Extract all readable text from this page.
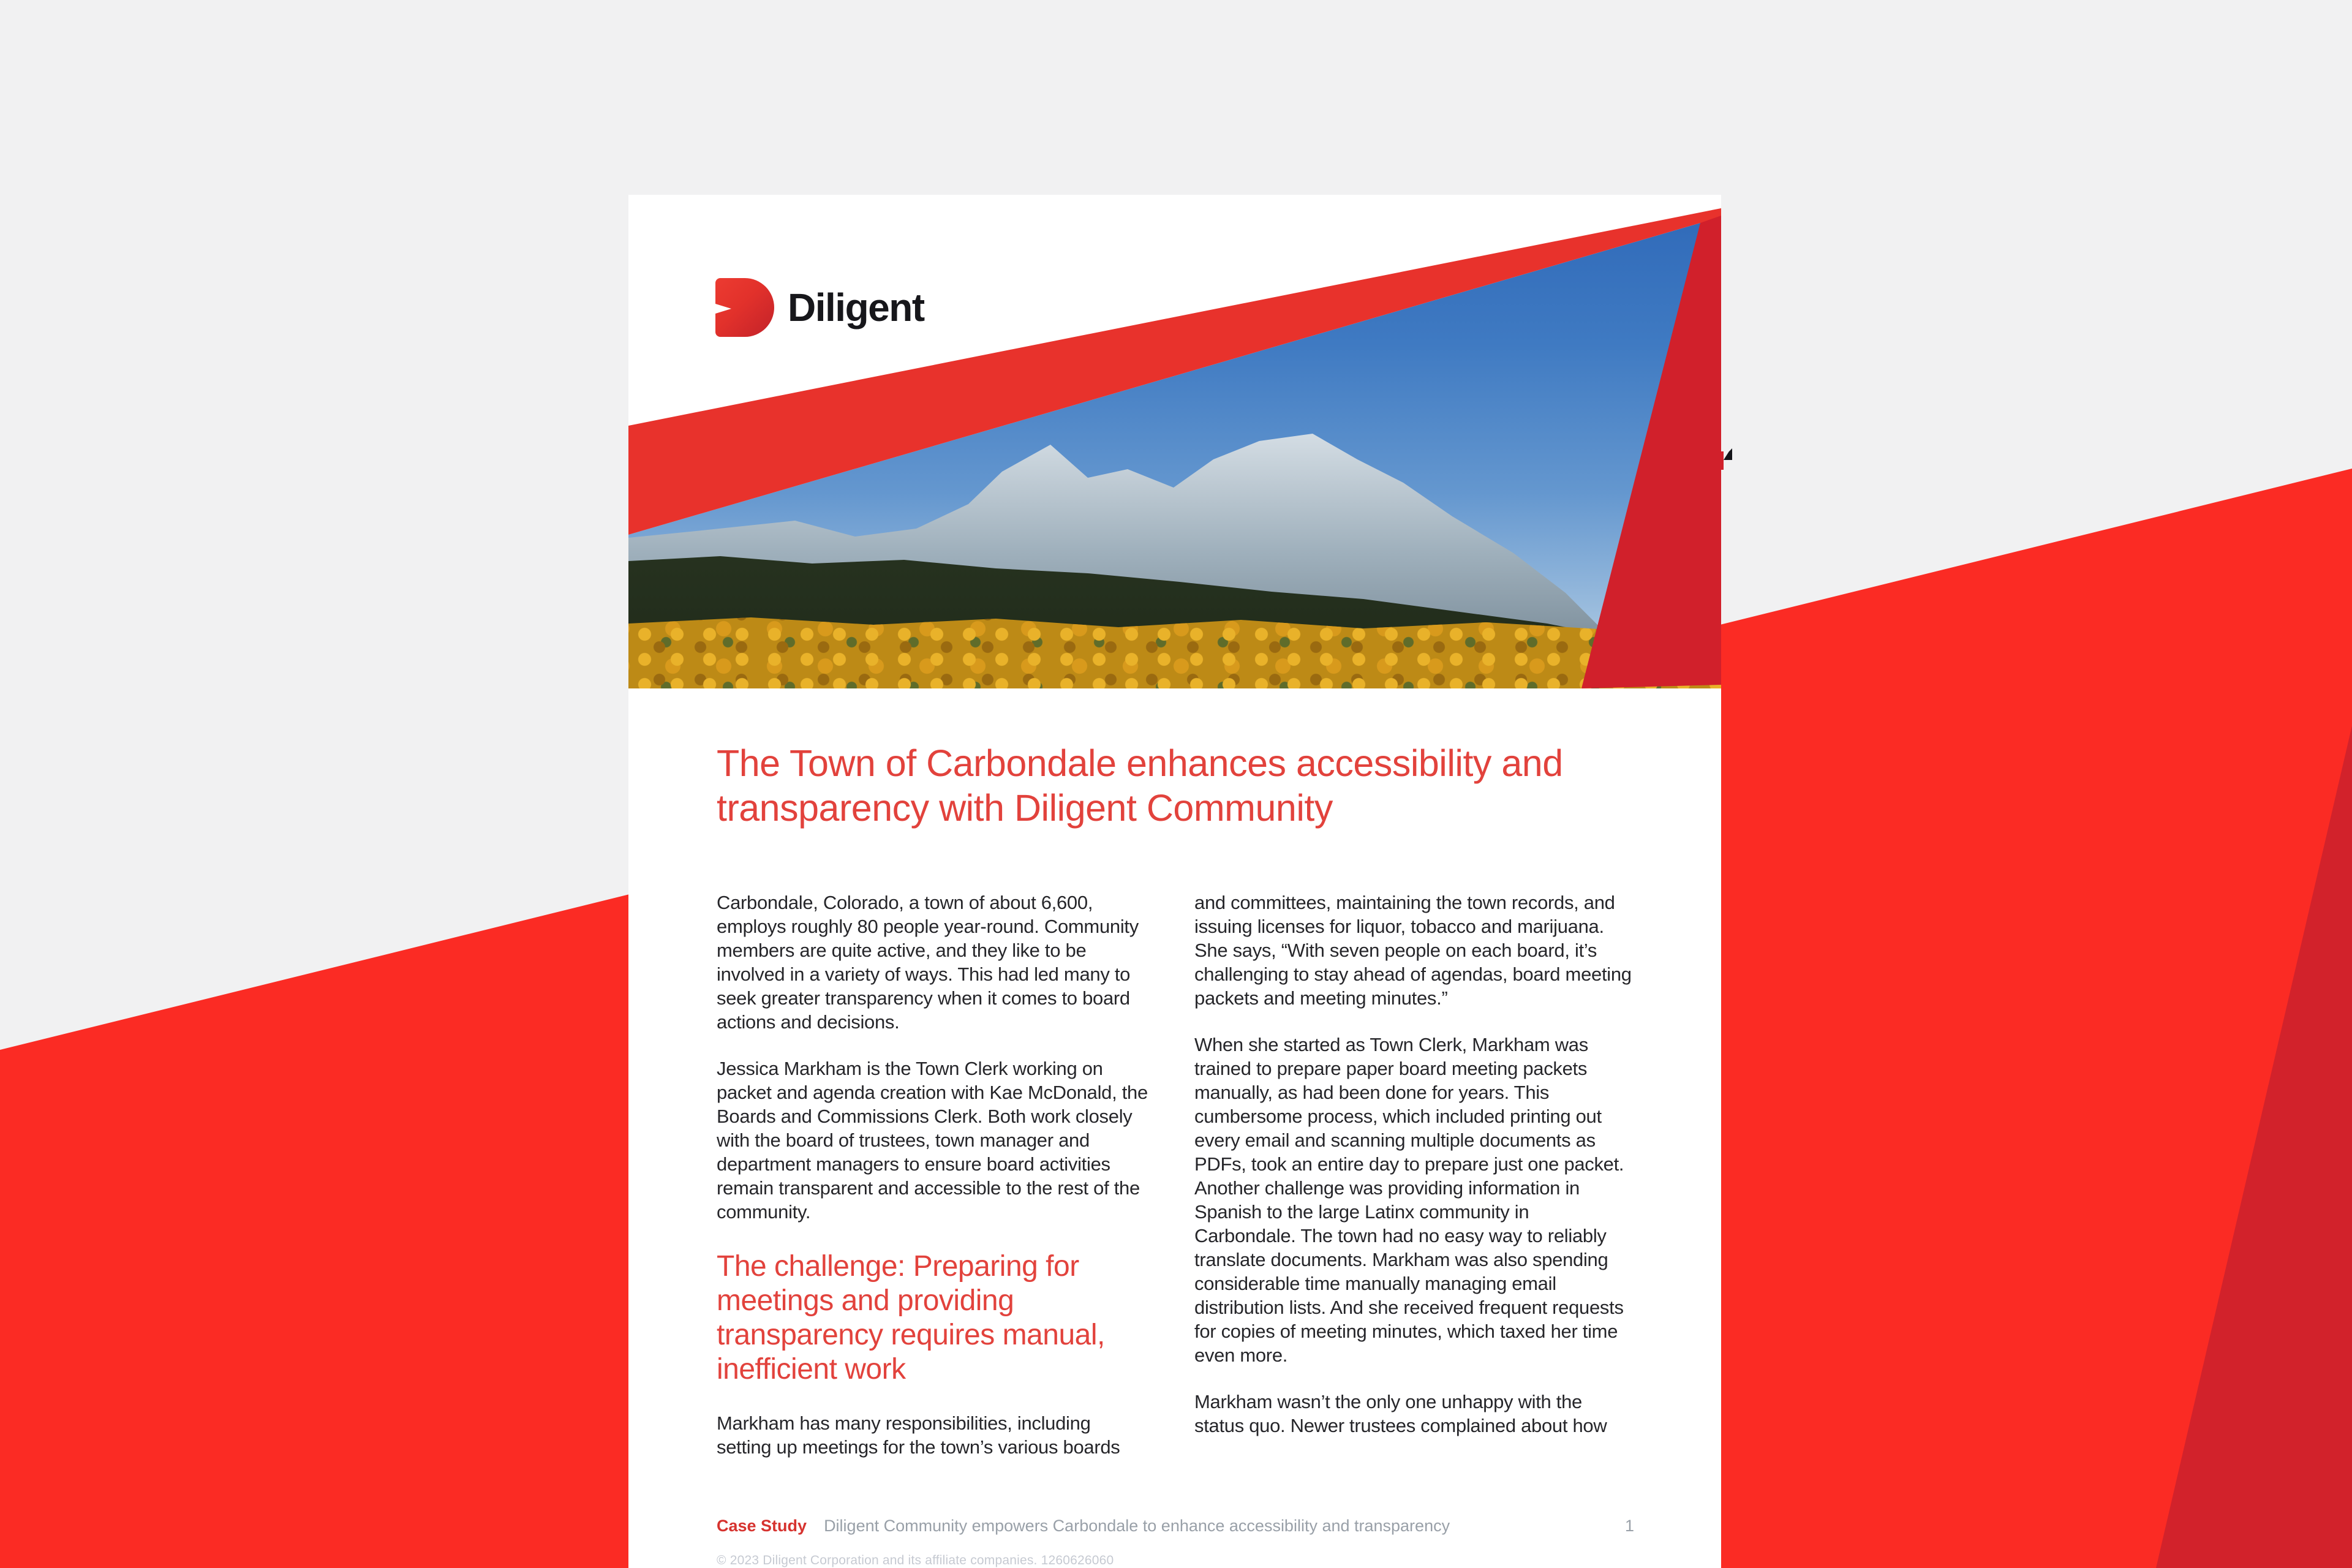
Diligent
The Town of Carbondale enhances accessibility and transparency with Diligent Community

Carbondale, Colorado, a town of about 6,600, employs roughly 80 people year-round. Community members are quite active, and they like to be involved in a variety of ways. This had led many to seek greater transparency when it comes to board actions and decisions.

Jessica Markham is the Town Clerk working on packet and agenda creation with Kae McDonald, the Boards and Commissions Clerk. Both work closely with the board of trustees, town manager and department managers to ensure board activities remain transparent and accessible to the rest of the community.

The challenge: Preparing for meetings and providing transparency requires manual, inefficient work

Markham has many responsibilities, including setting up meetings for the town’s various boards

and committees, maintaining the town records, and issuing licenses for liquor, tobacco and marijuana. She says, “With seven people on each board, it’s challenging to stay ahead of agendas, board meeting packets and meeting minutes.”

When she started as Town Clerk, Markham was trained to prepare paper board meeting packets manually, as had been done for years. This cumbersome process, which included printing out every email and scanning multiple documents as PDFs, took an entire day to prepare just one packet. Another challenge was providing information in Spanish to the large Latinx community in Carbondale. The town had no easy way to reliably translate documents. Markham was also spending considerable time manually managing email distribution lists. And she received frequent requests for copies of meeting minutes, which taxed her time even more.

Markham wasn’t the only one unhappy with the status quo. Newer trustees complained about how

Case Study Diligent Community empowers Carbondale to enhance accessibility and transparency	1
© 2023 Diligent Corporation and its affiliate companies. 1260626060
